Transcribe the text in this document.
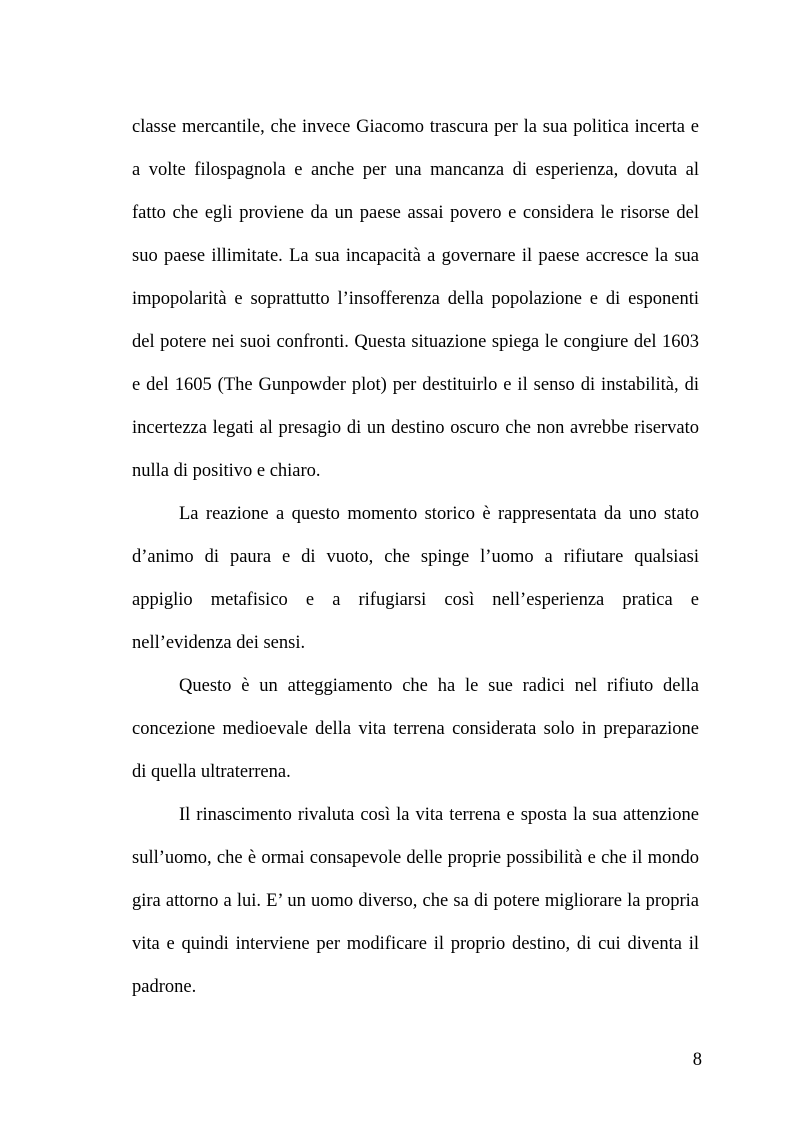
classe mercantile, che invece Giacomo trascura per la sua politica incerta e
a volte filospagnola e anche per una mancanza di esperienza, dovuta al
fatto che egli proviene da un paese assai povero e considera le risorse del
suo paese illimitate. La sua incapacità a governare il paese accresce la sua
impopolarità e soprattutto l’insofferenza della popolazione e di esponenti
del potere nei suoi confronti. Questa situazione spiega le congiure del 1603
e del 1605 (The Gunpowder plot) per destituirlo e il senso di instabilità, di
incertezza legati al presagio di un destino oscuro che non avrebbe riservato
nulla di positivo e chiaro.
La reazione a questo momento storico è rappresentata da uno stato
d’animo di paura e di vuoto, che spinge l’uomo a rifiutare qualsiasi
appiglio metafisico e a rifugiarsi così nell’esperienza pratica e
nell’evidenza dei sensi.
Questo è un atteggiamento che ha le sue radici nel rifiuto della
concezione medioevale della vita terrena considerata solo in preparazione
di quella ultraterrena.
Il rinascimento rivaluta così la vita terrena e sposta la sua attenzione
sull’uomo, che è ormai consapevole delle proprie possibilità e che il mondo
gira attorno a lui. E’ un uomo diverso, che sa di potere migliorare la propria
vita e quindi interviene per modificare il proprio destino, di cui diventa il
padrone.
8
